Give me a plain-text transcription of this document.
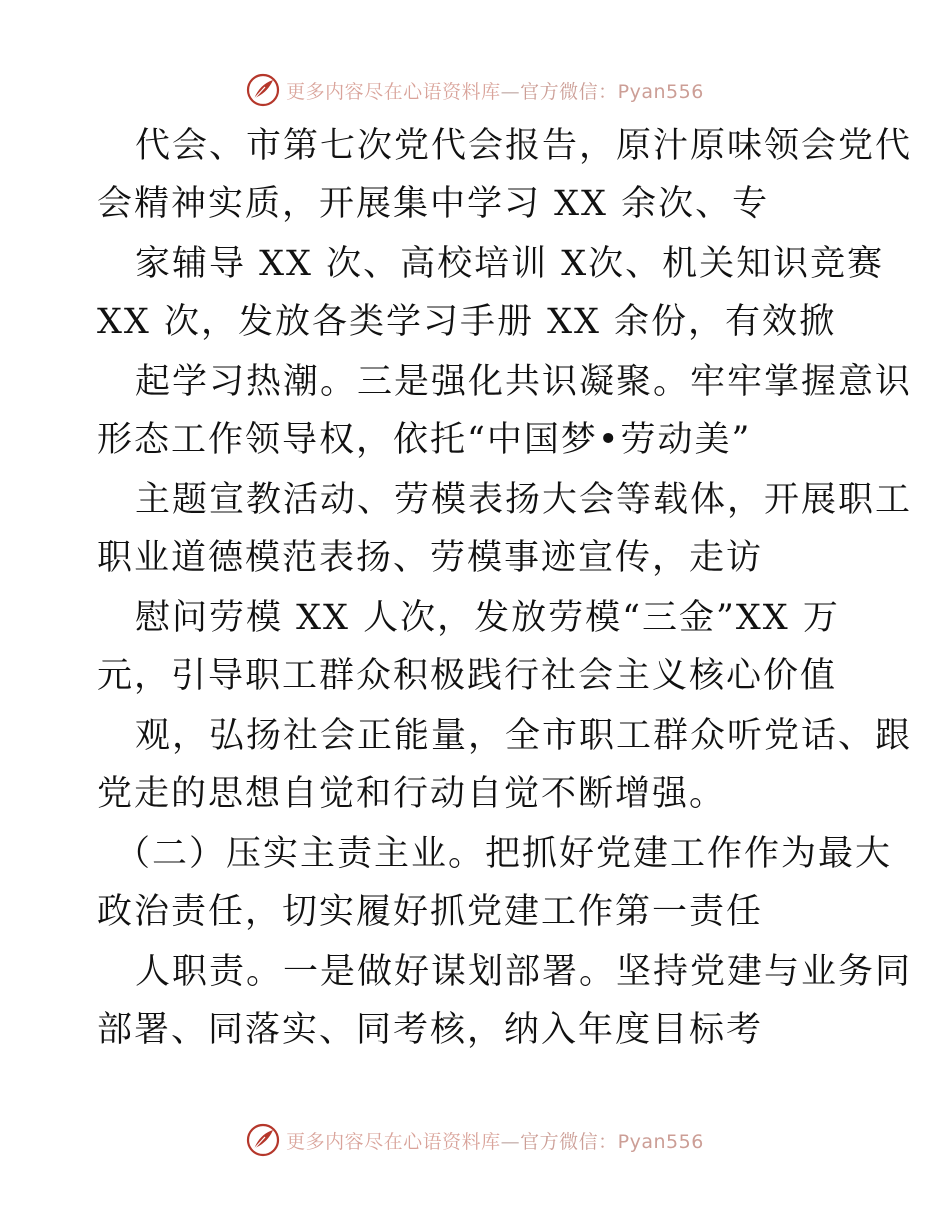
更多内容尽在心语资料库—官方微信：Pyan556
代会、市第七次党代会报告，原汁原味领会党代
会精神实质，开展集中学习 XX 余次、专
家辅导 XX 次、高校培训 X次、机关知识竞赛
XX 次，发放各类学习手册 XX 余份，有效掀
起学习热潮。三是强化共识凝聚。牢牢掌握意识
形态工作领导权，依托“中国梦•劳动美”
主题宣教活动、劳模表扬大会等载体，开展职工
职业道德模范表扬、劳模事迹宣传，走访
慰问劳模 XX 人次，发放劳模“三金”XX 万
元，引导职工群众积极践行社会主义核心价值
观，弘扬社会正能量，全市职工群众听党话、跟
党走的思想自觉和行动自觉不断增强。
（二）压实主责主业。把抓好党建工作作为最大
政治责任，切实履好抓党建工作第一责任
人职责。一是做好谋划部署。坚持党建与业务同
部署、同落实、同考核，纳入年度目标考
更多内容尽在心语资料库—官方微信：Pyan556
